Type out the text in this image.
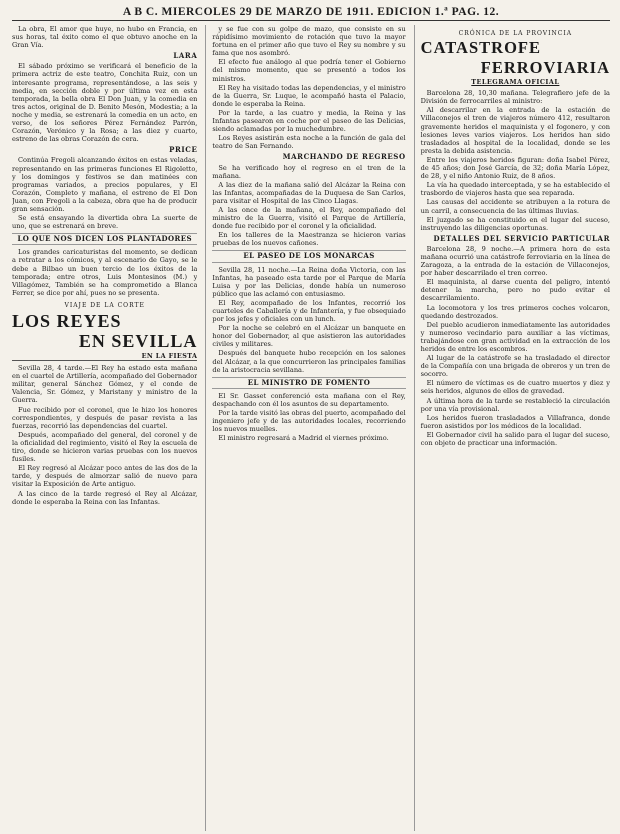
A B C. MIERCOLES 29 DE MARZO DE 1911. EDICION 1.ª PAG. 12.

La obra, El amor que huye, no hubo en Francia, en sus horas, tal éxito como el que obtuvo anoche en la Gran Vía.

LARA

El sábado próximo se verificará el beneficio de la primera actriz de este teatro, Conchita Ruiz, con un interesante programa, representándose, a las seis y media, en sección doble y por última vez en esta temporada, la bella obra El Don Juan, y la comedia en tres actos, original de D. Benito Mesón, Modestia; a la noche y media, se estrenará la comedia en un acto, en verso, de los señores Pérez Fernández Parrón, Corazón, Verónico y la Rosa; a las diez y cuarto, estreno de las obras Corazón de cera.

PRICE

Continúa Fregoli alcanzando éxitos en estas veladas, representando en las primeras funciones El Rigoletto, y los domingos y festivos se dan matinées con programas variados, a precios populares, y El Corazón, Completo y mañana, el estreno de El Don Juan, con Fregoli a la cabeza, obra que ha de producir gran sensación.

Se está ensayando la divertida obra La suerte de uno, que se estrenará en breve.

LO QUE NOS DICEN LOS PLANTADORES

Los grandes caricaturistas del momento, se dedican a retratar a los cómicos, y al escenario de Gayo, se le debe a Bilbao un buen tercio de los éxitos de la temporada; entre otros, Luis Montesinos (M.) y Villagómez, También se ha comprometido a Blanca Ferrer, se dice por ahí, pues no se presenta.

VIAJE DE LA CORTE
LOS REYES
EN SEVILLA
EN LA FIESTA

Sevilla 28, 4 tarde.—El Rey ha estado esta mañana en el cuartel de Artillería, acompañado del Gobernador militar, general Sánchez Gómez, y el conde de Valencia, Sr. Gómez, y Maristany y ministro de la Guerra.

Fue recibido por el coronel, que le hizo los honores correspondientes, y después de pasar revista a las fuerzas, recorrió las dependencias del cuartel.

Después, acompañado del general, del coronel y de la oficialidad del regimiento, visitó el Rey la escuela de tiro, donde se hicieron varias pruebas con los nuevos fusiles.

El Rey regresó al Alcázar poco antes de las dos de la tarde, y después de almorzar salió de nuevo para visitar la Exposición de Arte antiguo.

A las cinco de la tarde regresó el Rey al Alcázar, donde le esperaba la Reina con las Infantas.

y se fue con su golpe de mazo, que consiste en su rápidísimo movimiento de rotación que tuvo la mayor fortuna en el primer año que tuvo el Rey su nombre y su fama que nos asombró.

El efecto fue análogo al que podría tener el Gobierno del mismo momento, que se presentó a todos los ministros.

El Rey ha visitado todas las dependencias, y el ministro de la Guerra, Sr. Luque, le acompañó hasta el Palacio, donde le esperaba la Reina.

Por la tarde, a las cuatro y media, la Reina y las Infantas pasearon en coche por el paseo de las Delicias, siendo aclamadas por la muchedumbre.

Los Reyes asistirán esta noche a la función de gala del teatro de San Fernando.

MARCHANDO DE REGRESO

Se ha verificado hoy el regreso en el tren de la mañana.

A las diez de la mañana salió del Alcázar la Reina con las Infantas, acompañadas de la Duquesa de San Carlos, para visitar el Hospital de las Cinco Llagas.

A las once de la mañana, el Rey, acompañado del ministro de la Guerra, visitó el Parque de Artillería, donde fue recibido por el coronel y la oficialidad.

En los talleres de la Maestranza se hicieron varias pruebas de los nuevos cañones.

EL PASEO DE LOS MONARCAS

Sevilla 28, 11 noche.—La Reina doña Victoria, con las Infantas, ha paseado esta tarde por el Parque de María Luisa y por las Delicias, donde había un numeroso público que las aclamó con entusiasmo.

El Rey, acompañado de los Infantes, recorrió los cuarteles de Caballería y de Infantería, y fue obsequiado por los jefes y oficiales con un lunch.

Por la noche se celebró en el Alcázar un banquete en honor del Gobernador, al que asistieron las autoridades civiles y militares.

Después del banquete hubo recepción en los salones del Alcázar, a la que concurrieron las principales familias de la aristocracia sevillana.

EL MINISTRO DE FOMENTO

El Sr. Gasset conferenció esta mañana con el Rey, despachando con él los asuntos de su departamento.

Por la tarde visitó las obras del puerto, acompañado del ingeniero jefe y de las autoridades locales, recorriendo los nuevos muelles.

El ministro regresará a Madrid el viernes próximo.

CRÓNICA DE LA PROVINCIA
CATASTROFE
FERROVIARIA
TELEGRAMA OFICIAL

Barcelona 28, 10,30 mañana. Telegrafiero jefe de la División de ferrocarriles al ministro:

Al descarrilar en la entrada de la estación de Villaconejos el tren de viajeros número 412, resultaron gravemente heridos el maquinista y el fogonero, y con lesiones leves varios viajeros. Los heridos han sido trasladados al hospital de la localidad, donde se les presta la debida asistencia.

Entre los viajeros heridos figuran: doña Isabel Pérez, de 45 años; don José García, de 32; doña María López, de 28, y el niño Antonio Ruiz, de 8 años.

La vía ha quedado interceptada, y se ha establecido el trasbordo de viajeros hasta que sea reparada.

Las causas del accidente se atribuyen a la rotura de un carril, a consecuencia de las últimas lluvias.

El juzgado se ha constituido en el lugar del suceso, instruyendo las diligencias oportunas.

DETALLES DEL SERVICIO PARTICULAR

Barcelona 28, 9 noche.—A primera hora de esta mañana ocurrió una catástrofe ferroviaria en la línea de Zaragoza, a la entrada de la estación de Villaconejos, por haber descarrilado el tren correo.

El maquinista, al darse cuenta del peligro, intentó detener la marcha, pero no pudo evitar el descarrilamiento.

La locomotora y los tres primeros coches volcaron, quedando destrozados.

Del pueblo acudieron inmediatamente las autoridades y numeroso vecindario para auxiliar a las víctimas, trabajándose con gran actividad en la extracción de los heridos de entre los escombros.

Al lugar de la catástrofe se ha trasladado el director de la Compañía con una brigada de obreros y un tren de socorro.

El número de víctimas es de cuatro muertos y diez y seis heridos, algunos de ellos de gravedad.

A última hora de la tarde se restableció la circulación por una vía provisional.

Los heridos fueron trasladados a Villafranca, donde fueron asistidos por los médicos de la localidad.

El Gobernador civil ha salido para el lugar del suceso, con objeto de practicar una información.
